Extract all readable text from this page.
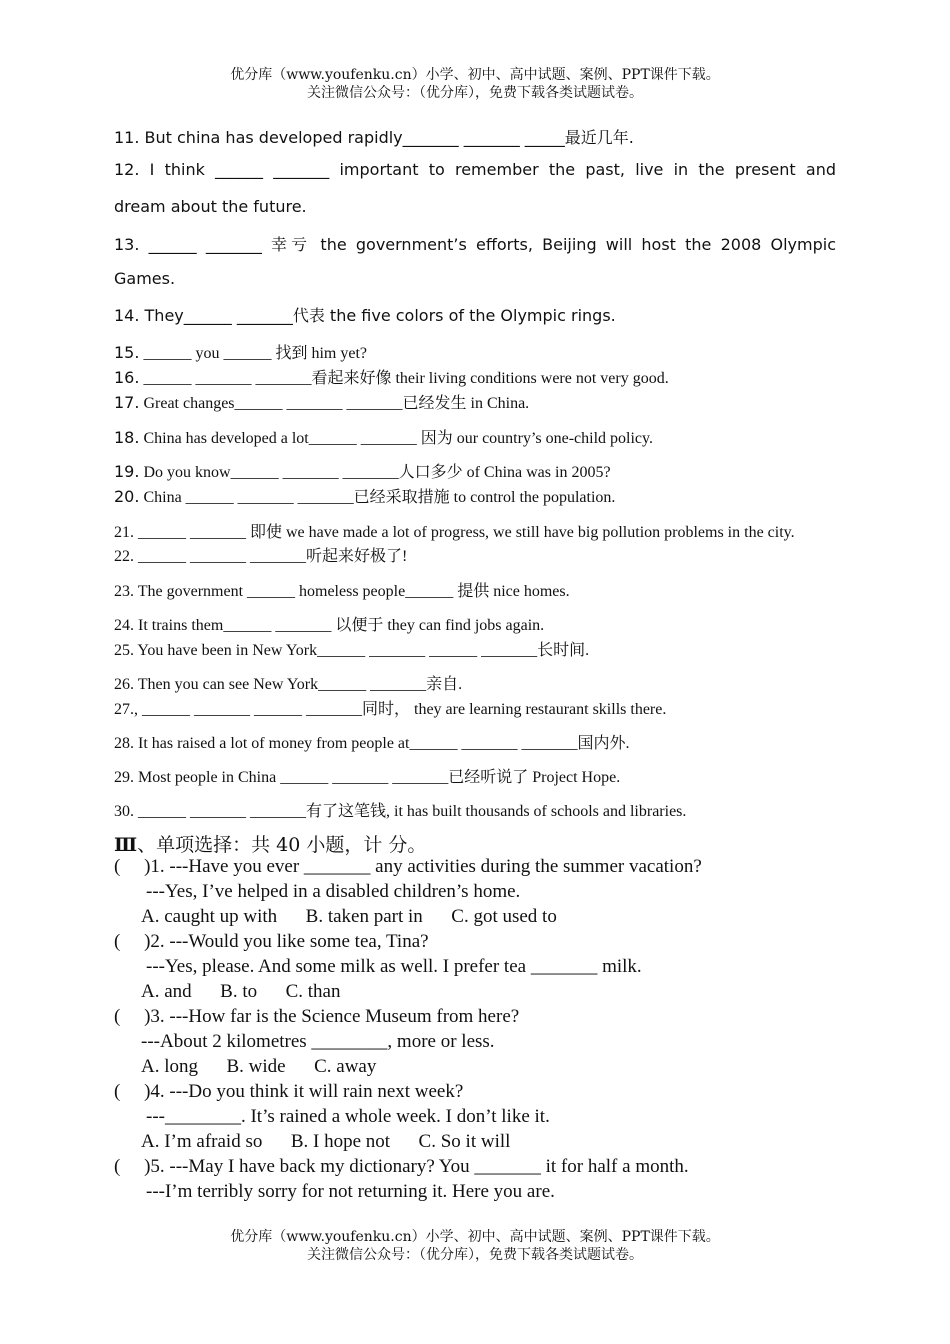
优分库（www.youfenku.cn）小学、初中、高中试题、案例、PPT课件下载。
关注微信公众号：（优分库），免费下载各类试题试卷。
11. But china has developed rapidly_______ _______ _____最近几年.
12. I think ______ _______ important to remember the past, live in the present and
dream about the future.
13. ______ _______ 幸亏 the government’s efforts, Beijing will host the 2008 Olympic
Games.
14. They______ _______代表 the five colors of the Olympic rings.
15. ______ you ______ 找到 him yet?
16. ______ _______ _______看起来好像 their living conditions were not very good.
17. Great changes______ _______ _______已经发生 in China.
18. China has developed a lot______ _______ 因为 our country’s one-child policy.
19. Do you know______ _______ _______人口多少 of China was in 2005?
20. China ______ _______ _______已经采取措施 to control the population.
21. ______ _______ 即使 we have made a lot of progress, we still have big pollution problems in the city.
22. ______ _______ _______听起来好极了!
23. The government ______ homeless people______ 提供 nice homes.
24. It trains them______ _______ 以便于 they can find jobs again.
25. You have been in New York______ _______ ______ _______长时间.
26. Then you can see New York______ _______亲自.
27., ______ _______ ______ _______同时， they are learning restaurant skills there.
28. It has raised a lot of money from people at______ _______ _______国内外.
29. Most people in China ______ _______ _______已经听说了 Project Hope.
30. ______ _______ _______有了这笔钱, it has built thousands of schools and libraries.
Ⅲ、单项选择：共 40 小题，计 分。
(     )1. ---Have you ever _______ any activities during the summer vacation?
---Yes, I’ve helped in a disabled children’s home.
A. caught up with      B. taken part in      C. got used to
(     )2. ---Would you like some tea, Tina?
---Yes, please. And some milk as well. I prefer tea _______ milk.
A. and      B. to      C. than
(     )3. ---How far is the Science Museum from here?
---About 2 kilometres ________, more or less.
A. long      B. wide      C. away
(     )4. ---Do you think it will rain next week?
---________. It’s rained a whole week. I don’t like it.
A. I’m afraid so      B. I hope not      C. So it will
(     )5. ---May I have back my dictionary? You _______ it for half a month.
---I’m terribly sorry for not returning it. Here you are.
优分库（www.youfenku.cn）小学、初中、高中试题、案例、PPT课件下载。
关注微信公众号：（优分库），免费下载各类试题试卷。
